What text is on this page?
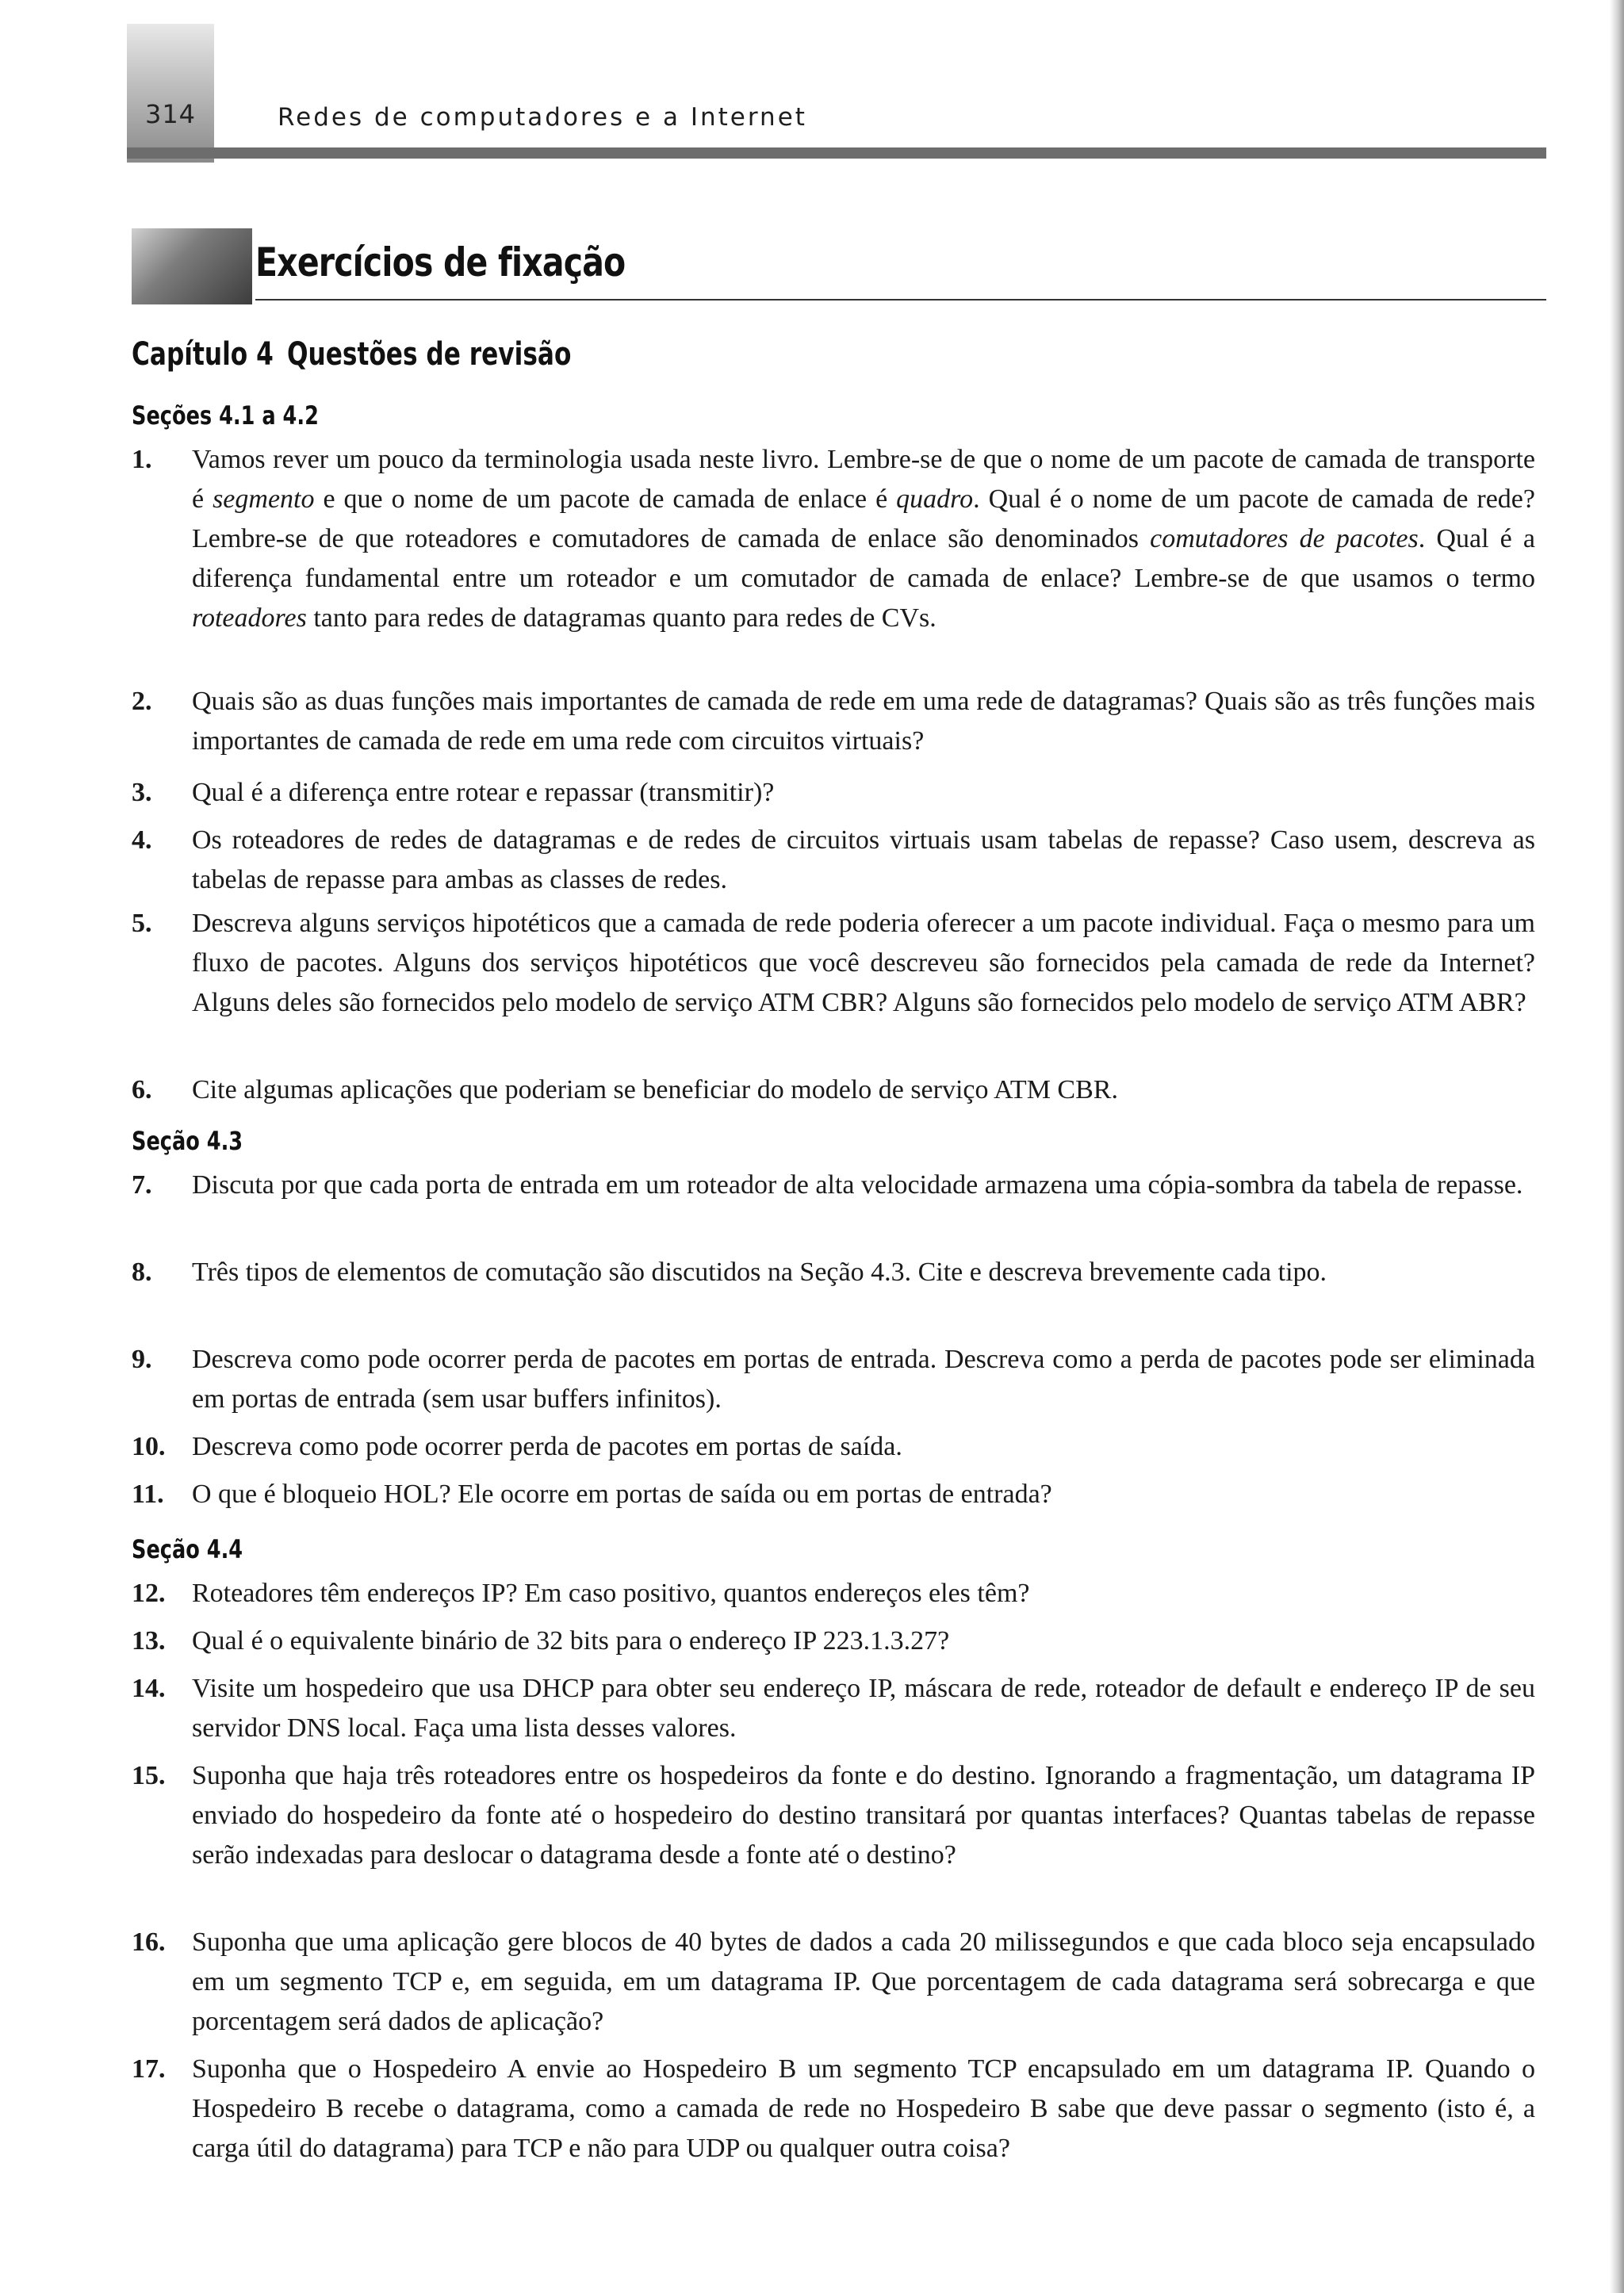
314	Redes de computadores e a Internet
Exercícios de fixação
Capítulo 4 Questões de revisão
Seções 4.1 a 4.2
1. Vamos rever um pouco da terminologia usada neste livro. Lembre-se de que o nome de um pacote de camada de transporte é segmento e que o nome de um pacote de camada de enlace é quadro. Qual é o nome de um pacote de camada de rede? Lembre-se de que roteadores e comutadores de camada de enlace são denominados comutadores de pacotes. Qual é a diferença fundamental entre um roteador e um comutador de camada de enlace? Lembre-se de que usamos o termo roteadores tanto para redes de datagramas quanto para redes de CVs.
2. Quais são as duas funções mais importantes de camada de rede em uma rede de datagramas? Quais são as três funções mais importantes de camada de rede em uma rede com circuitos virtuais?
3. Qual é a diferença entre rotear e repassar (transmitir)?
4. Os roteadores de redes de datagramas e de redes de circuitos virtuais usam tabelas de repasse? Caso usem, descreva as tabelas de repasse para ambas as classes de redes.
5. Descreva alguns serviços hipotéticos que a camada de rede poderia oferecer a um pacote individual. Faça o mesmo para um fluxo de pacotes. Alguns dos serviços hipotéticos que você descreveu são fornecidos pela camada de rede da Internet? Alguns deles são fornecidos pelo modelo de serviço ATM CBR? Alguns são fornecidos pelo modelo de serviço ATM ABR?
6. Cite algumas aplicações que poderiam se beneficiar do modelo de serviço ATM CBR.
Seção 4.3
7. Discuta por que cada porta de entrada em um roteador de alta velocidade armazena uma cópia-sombra da tabela de repasse.
8. Três tipos de elementos de comutação são discutidos na Seção 4.3. Cite e descreva brevemente cada tipo.
9. Descreva como pode ocorrer perda de pacotes em portas de entrada. Descreva como a perda de pacotes pode ser eliminada em portas de entrada (sem usar buffers infinitos).
10. Descreva como pode ocorrer perda de pacotes em portas de saída.
11. O que é bloqueio HOL? Ele ocorre em portas de saída ou em portas de entrada?
Seção 4.4
12. Roteadores têm endereços IP? Em caso positivo, quantos endereços eles têm?
13. Qual é o equivalente binário de 32 bits para o endereço IP 223.1.3.27?
14. Visite um hospedeiro que usa DHCP para obter seu endereço IP, máscara de rede, roteador de default e endereço IP de seu servidor DNS local. Faça uma lista desses valores.
15. Suponha que haja três roteadores entre os hospedeiros da fonte e do destino. Ignorando a fragmentação, um datagrama IP enviado do hospedeiro da fonte até o hospedeiro do destino transitará por quantas interfaces? Quantas tabelas de repasse serão indexadas para deslocar o datagrama desde a fonte até o destino?
16. Suponha que uma aplicação gere blocos de 40 bytes de dados a cada 20 milissegundos e que cada bloco seja encapsulado em um segmento TCP e, em seguida, em um datagrama IP. Que porcentagem de cada datagrama será sobrecarga e que porcentagem será dados de aplicação?
17. Suponha que o Hospedeiro A envie ao Hospedeiro B um segmento TCP encapsulado em um datagrama IP. Quando o Hospedeiro B recebe o datagrama, como a camada de rede no Hospedeiro B sabe que deve passar o segmento (isto é, a carga útil do datagrama) para TCP e não para UDP ou qualquer outra coisa?
